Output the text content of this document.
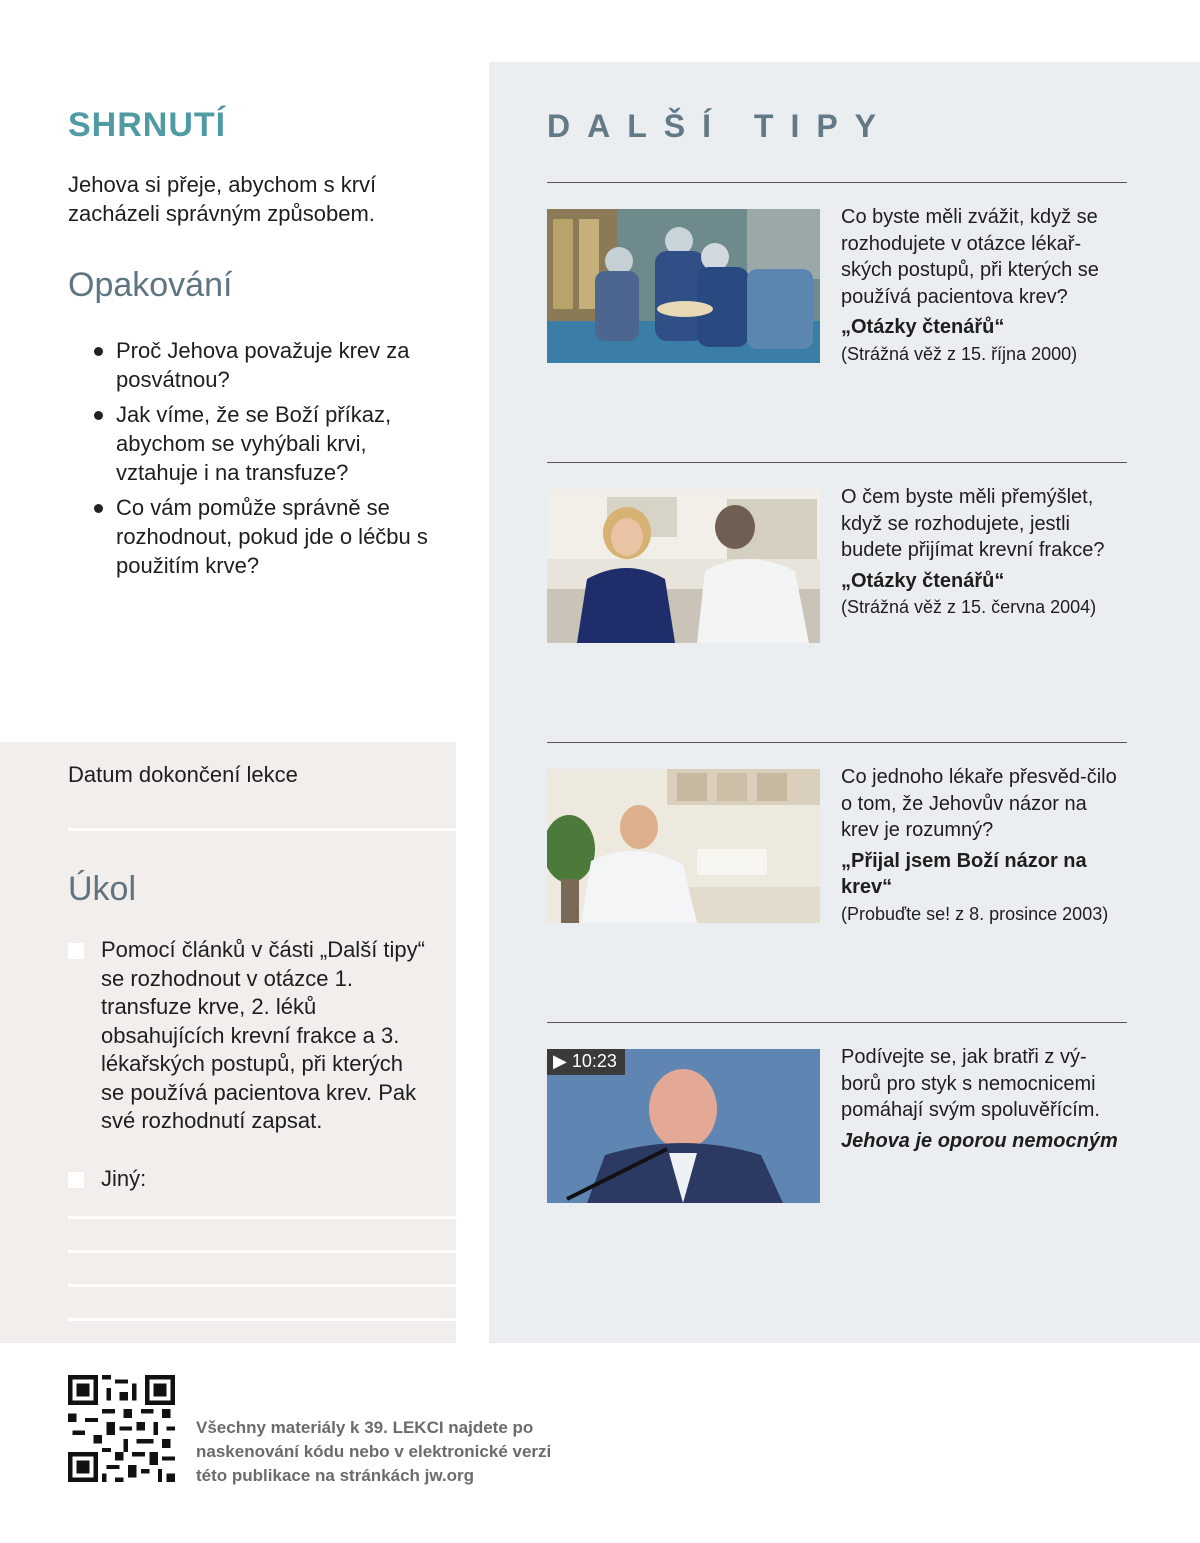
SHRNUTÍ
Jehova si přeje, abychom s krví zacházeli správným způsobem.
Opakování
Proč Jehova považuje krev za posvátnou?
Jak víme, že se Boží příkaz, abychom se vyhýbali krvi, vztahuje i na transfuze?
Co vám pomůže správně se rozhodnout, pokud jde o léčbu s použitím krve?
Datum dokončení lekce
Úkol
Pomocí článků v části „Další tipy“ se rozhodnout v otázce 1. transfuze krve, 2. léků obsahujících krevní frakce a 3. lékařských postupů, při kterých se používá pacientova krev. Pak své rozhodnutí zapsat.
Jiný:
DALŠÍ TIPY
Co byste měli zvážit, když se rozhodujete v otázce lékař-ských postupů, při kterých se používá pacientova krev?
„Otázky čtenářů“
(Strážná věž z 15. října 2000)
O čem byste měli přemýšlet, když se rozhodujete, jestli budete přijímat krevní frakce?
„Otázky čtenářů“
(Strážná věž z 15. června 2004)
Co jednoho lékaře přesvěd-čilo o tom, že Jehovův názor na krev je rozumný?
„Přijal jsem Boží názor na krev“
(Probuďte se! z 8. prosince 2003)
▶ 10:23	Podívejte se, jak bratři z vý-borů pro styk s nemocnicemi pomáhají svým spoluvěřícím.
Jehova je oporou nemocným
Všechny materiály k 39. LEKCI najdete po naskenování kódu nebo v elektronické verzi této publikace na stránkách jw.org
